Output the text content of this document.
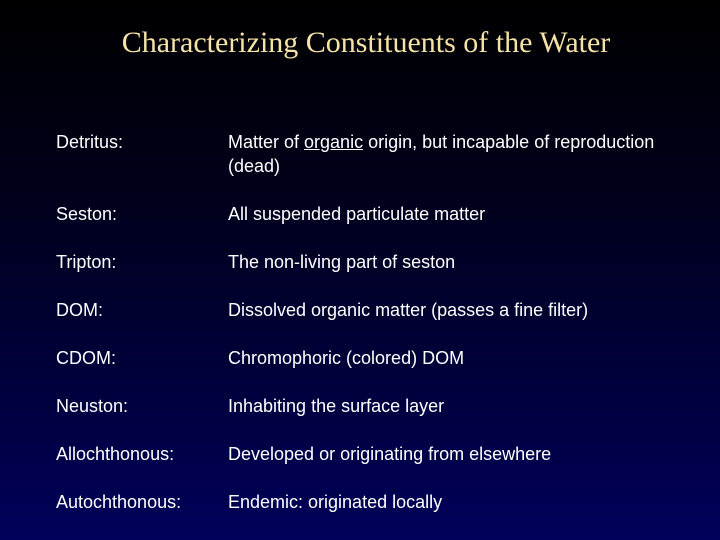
Characterizing Constituents of the Water
Detritus:	Matter of organic origin, but incapable of reproduction (dead)
Seston:	All suspended particulate matter
Tripton:	The non-living part of seston
DOM:	Dissolved organic matter (passes a fine filter)
CDOM:	Chromophoric (colored) DOM
Neuston:	Inhabiting the surface layer
Allochthonous:	Developed or originating from elsewhere
Autochthonous:	Endemic: originated locally
